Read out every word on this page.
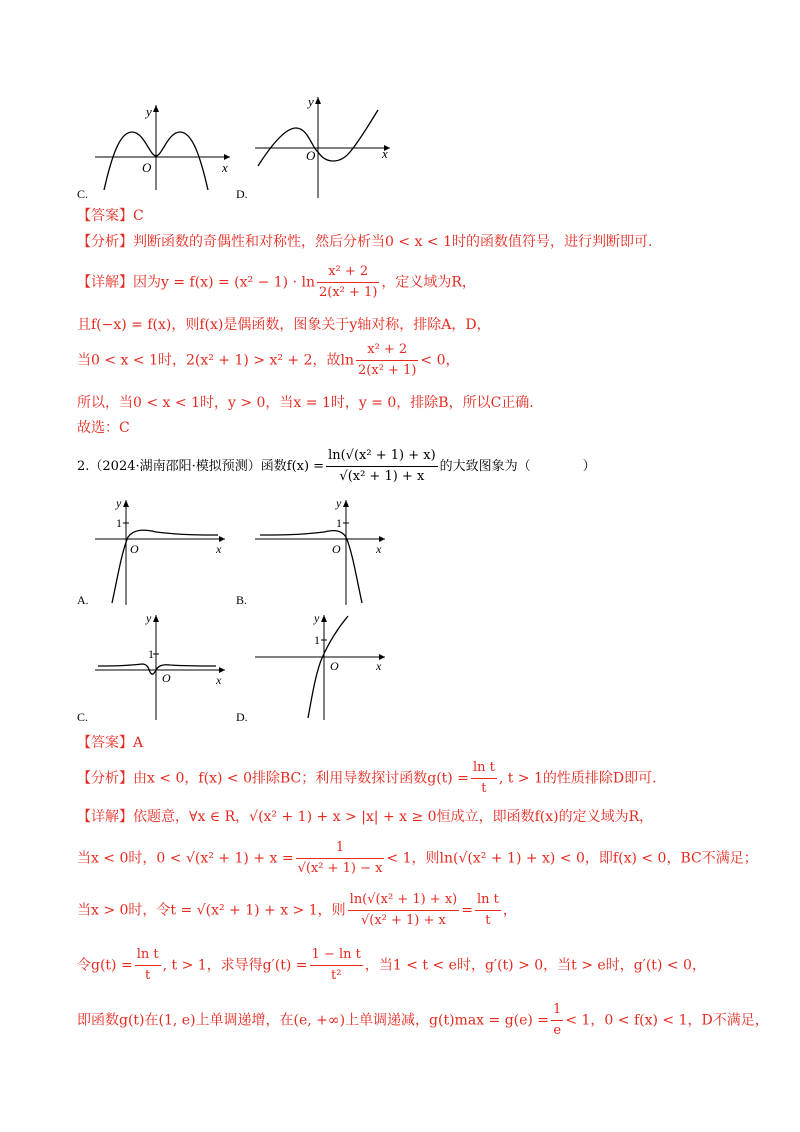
y
x
O
C.
y
x
O
D.
【答案】C
【分析】判断函数的奇偶性和对称性，然后分析当0 < x < 1时的函数值符号，进行判断即可.
【详解】因为$y = f(x) = (x^2 - 1) \cdot \ln \frac{\text{x² + 2}}{\text{2(x² + 1)}}$ ，定义域为R，
且f(−x) = f(x)，则f(x)是偶函数，图象关于y轴对称，排除A，D，
当0 < x < 1时，2(x² + 1) > x² + 2，故$\ln \frac{\text{x² + 2}}{\text{2(x² + 1)}} < 0$，
所以，当0 < x < 1时，y > 0，当x = 1时，y = 0，排除B，所以C正确.
故选：C
2.（2024·湖南邵阳·模拟预测）函数$f(x) = \frac{\text{ln(√(x² + 1) + x)}}{\text{√(x² + 1) + x}}$ 的大致图象为（　　　　）
y
1
x
O
A.
y
1
x
O
B.
y
1
x
O
C.
y
1
x
O
D.
【答案】A
【分析】由x < 0，f(x) < 0排除BC；利用导数探讨函数$g(t) = \frac{\text{ln t}}{t}$ , t > 1的性质排除D即可.
【详解】依题意，∀x ∈ R，√(x² + 1) + x > |x| + x ≥ 0恒成立，即函数f(x)的定义域为R，
当x < 0时，$0 < √(x^2 + 1) + x = \frac{1}{\text{√(x² + 1) − x}} < 1$，则ln(√(x² + 1) + x) < 0，即f(x) < 0，BC不满足；
当x > 0时，令t = √(x² + 1) + x > 1，则 $\frac{\text{ln(√(x² + 1) + x)}}{\text{√(x² + 1) + x}} = \frac{\text{ln t}}{t}$ ，
令$g(t) = \frac{\text{ln t}}{t}$ , t > 1，求导得$g'(t) = \frac{\text{1 − ln t}}{\text{t²}}$ ，当1 < t < e时，g′(t) > 0，当t > e时，g′(t) < 0，
即函数g(t)在(1, e)上单调递增，在(e, +∞)上单调递减，$g(t)\max = g(e) = \frac{1}{e} < 1$，0 < f(x) < 1，D不满足，
